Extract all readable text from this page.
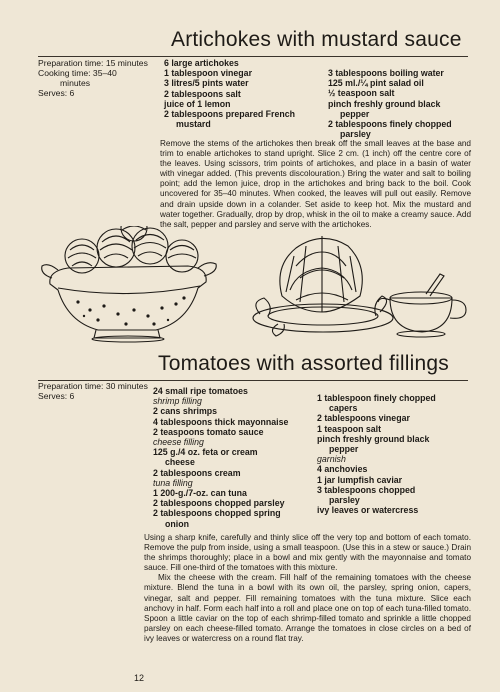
Artichokes with mustard sauce
Preparation time: 15 minutes
Cooking time: 35–40
minutes
Serves: 6
6 large artichokes
1 tablespoon vinegar
3 litres/5 pints water
2 tablespoons salt
juice of 1 lemon
2 tablespoons prepared French
mustard
3 tablespoons boiling water
125 ml./¼ pint salad oil
½ teaspoon salt
pinch freshly ground black
pepper
2 tablespoons finely chopped
parsley

Remove the stems of the artichokes then break off the small leaves at the base and trim to enable artichokes to stand upright. Slice 2 cm. (1 inch) off the centre core of the leaves. Using scissors, trim points of artichokes, and place in a basin of water with vinegar added. (This prevents discolouration.) Bring the water and salt to boiling point; add the lemon juice, drop in the artichokes and bring back to the boil. Cook uncovered for 35–40 minutes. When cooked, the leaves will pull out easily. Remove and drain upside down in a colander. Set aside to keep hot. Mix the mustard and water together. Gradually, drop by drop, whisk in the oil to make a creamy sauce. Add the salt, pepper and parsley and serve with the artichokes.

Tomatoes with assorted fillings
Preparation time: 30 minutes
Serves: 6	24 small ripe tomatoes
shrimp filling
2 cans shrimps
4 tablespoons thick mayonnaise
2 teaspoons tomato sauce
cheese filling
125 g./4 oz. feta or cream
cheese
2 tablespoons cream
tuna filling
1 200-g./7-oz. can tuna
2 tablespoons chopped parsley
2 tablespoons chopped spring
onion
1 tablespoon finely chopped
capers
2 tablespoons vinegar
1 teaspoon salt
pinch freshly ground black
pepper
garnish
4 anchovies
1 jar lumpfish caviar
3 tablespoons chopped
parsley
ivy leaves or watercress

Using a sharp knife, carefully and thinly slice off the very top and bottom of each tomato. Remove the pulp from inside, using a small teaspoon. (Use this in a stew or sauce.) Drain the shrimps thoroughly; place in a bowl and mix gently with the mayonnaise and tomato sauce. Fill one-third of the tomatoes with this mixture.

Mix the cheese with the cream. Fill half of the remaining tomatoes with the cheese mixture. Blend the tuna in a bowl with its own oil, the parsley, spring onion, capers, vinegar, salt and pepper. Fill remaining tomatoes with the tuna mixture. Slice each anchovy in half. Form each half into a roll and place one on top of each tuna-filled tomato. Spoon a little caviar on the top of each shrimp-filled tomato and sprinkle a little chopped parsley on each cheese-filled tomato. Arrange the tomatoes in close circles on a bed of ivy leaves or watercress on a round flat tray.

12
